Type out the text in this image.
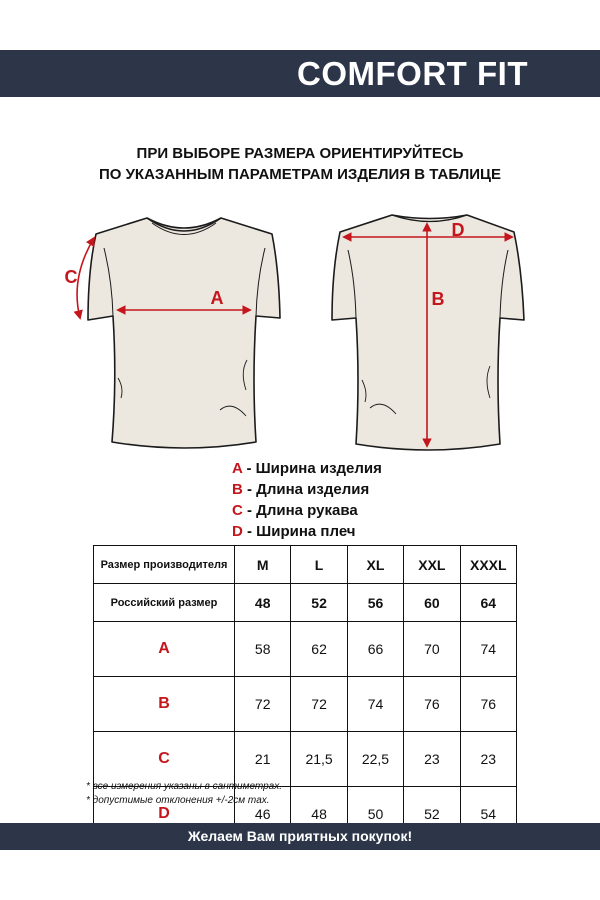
COMFORT FIT
ПРИ ВЫБОРЕ РАЗМЕРА ОРИЕНТИРУЙТЕСЬ
ПО УКАЗАННЫМ ПАРАМЕТРАМ ИЗДЕЛИЯ В ТАБЛИЦЕ
A
C
D
B
A - Ширина изделия
B - Длина изделия
C - Длина рукава
D - Ширина плеч
Размер производителя	M	L	XL	XXL	XXXL
Российский размер	48	52	56	60	64
A	58	62	66	70	74
B	72	72	74	76	76
C	21	21,5	22,5	23	23
D	46	48	50	52	54
* все измерения указаны в сантиметрах.
* допустимые отклонения +/-2см max.
Желаем Вам приятных покупок!
